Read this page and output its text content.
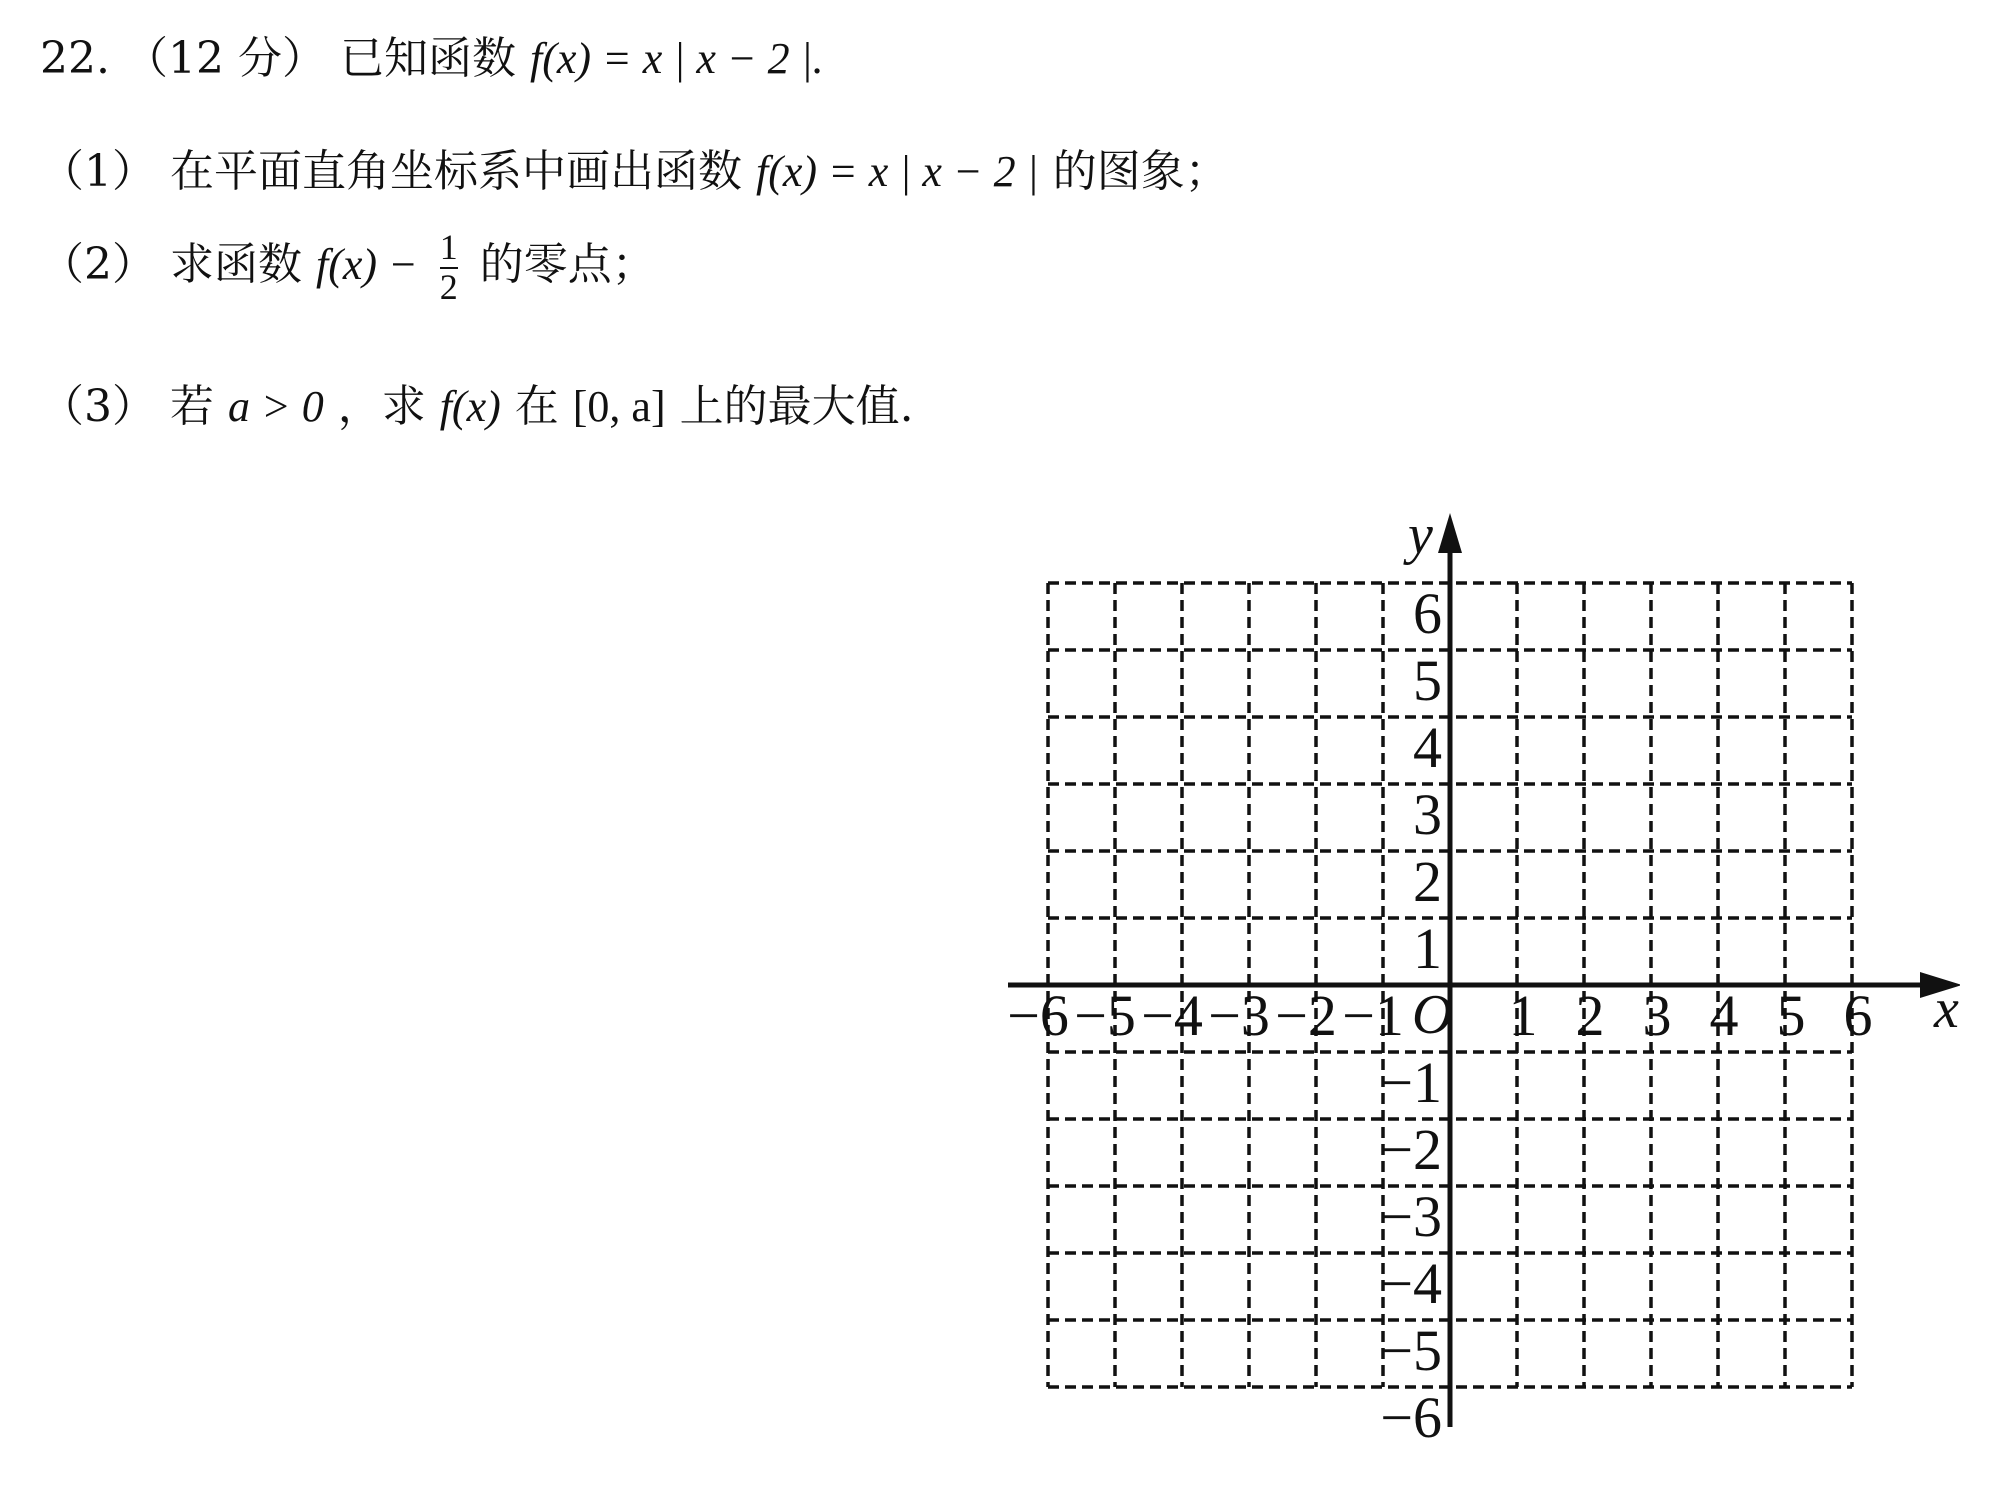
22. （12 分） 已知函数 f(x) = x | x − 2 |.
（1） 在平面直角坐标系中画出函数 f(x) = x | x − 2 | 的图象；
（2） 求函数 $f(x) - \frac{1}{2}$ 的零点；
（3） 若 a > 0 ，求 f(x) 在 [0, a] 上的最大值.
x
y
O
−6 −5 −4 −3 −2 −1 1 2 3 4 5 6
6
5
4
3
2
1
−1
−2
−3
−4
−5
−6
